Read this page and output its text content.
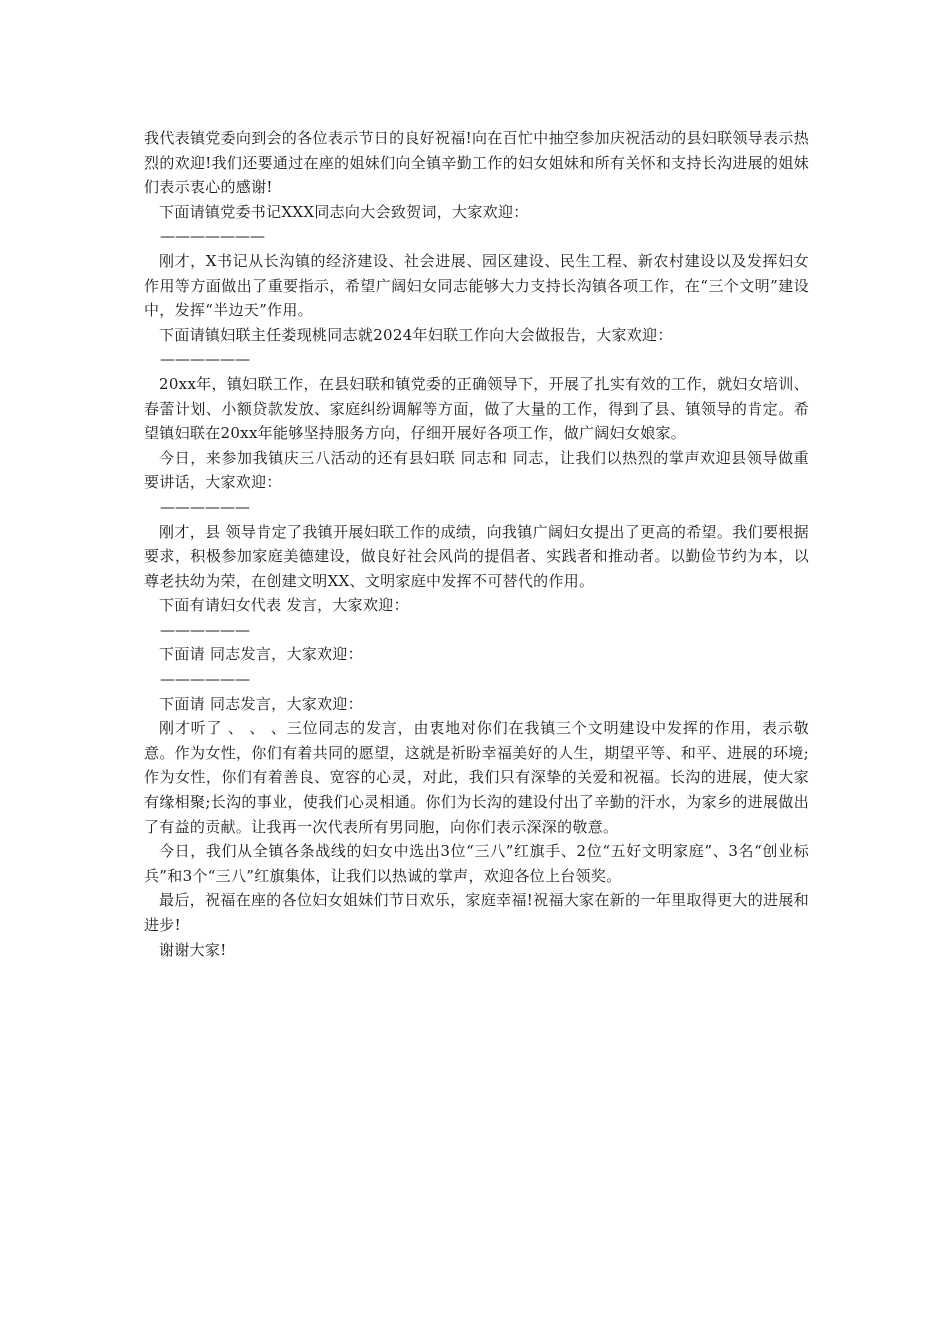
我代表镇党委向到会的各位表示节日的良好祝福!向在百忙中抽空参加庆祝活动的县妇联领导表示热烈的欢迎!我们还要通过在座的姐妹们向全镇辛勤工作的妇女姐妹和所有关怀和支持长沟进展的姐妹们表示衷心的感谢!

下面请镇党委书记XXX同志向大会致贺词，大家欢迎：

———————

刚才，X书记从长沟镇的经济建设、社会进展、园区建设、民生工程、新农村建设以及发挥妇女作用等方面做出了重要指示，希望广阔妇女同志能够大力支持长沟镇各项工作，在“三个文明”建设中，发挥“半边天”作用。

下面请镇妇联主任娄现桃同志就2024年妇联工作向大会做报告，大家欢迎：

——————

20xx年，镇妇联工作，在县妇联和镇党委的正确领导下，开展了扎实有效的工作，就妇女培训、春蕾计划、小额贷款发放、家庭纠纷调解等方面，做了大量的工作，得到了县、镇领导的肯定。希望镇妇联在20xx年能够坚持服务方向，仔细开展好各项工作，做广阔妇女娘家。

今日，来参加我镇庆三八活动的还有县妇联 同志和 同志，让我们以热烈的掌声欢迎县领导做重要讲话，大家欢迎：

——————

刚才，县 领导肯定了我镇开展妇联工作的成绩，向我镇广阔妇女提出了更高的希望。我们要根据要求，积极参加家庭美德建设，做良好社会风尚的提倡者、实践者和推动者。以勤俭节约为本，以尊老扶幼为荣，在创建文明XX、文明家庭中发挥不可替代的作用。

下面有请妇女代表 发言，大家欢迎：

——————

下面请 同志发言，大家欢迎：

——————

下面请 同志发言，大家欢迎：

刚才听了 、 、 、三位同志的发言，由衷地对你们在我镇三个文明建设中发挥的作用，表示敬意。作为女性，你们有着共同的愿望，这就是祈盼幸福美好的人生，期望平等、和平、进展的环境;作为女性，你们有着善良、宽容的心灵，对此，我们只有深挚的关爱和祝福。长沟的进展，使大家有缘相聚;长沟的事业，使我们心灵相通。你们为长沟的建设付出了辛勤的汗水，为家乡的进展做出了有益的贡献。让我再一次代表所有男同胞，向你们表示深深的敬意。

今日，我们从全镇各条战线的妇女中选出3位“三八”红旗手、2位“五好文明家庭”、3名“创业标兵”和3个“三八”红旗集体，让我们以热诚的掌声，欢迎各位上台领奖。

最后，祝福在座的各位妇女姐妹们节日欢乐，家庭幸福!祝福大家在新的一年里取得更大的进展和进步!

谢谢大家!
